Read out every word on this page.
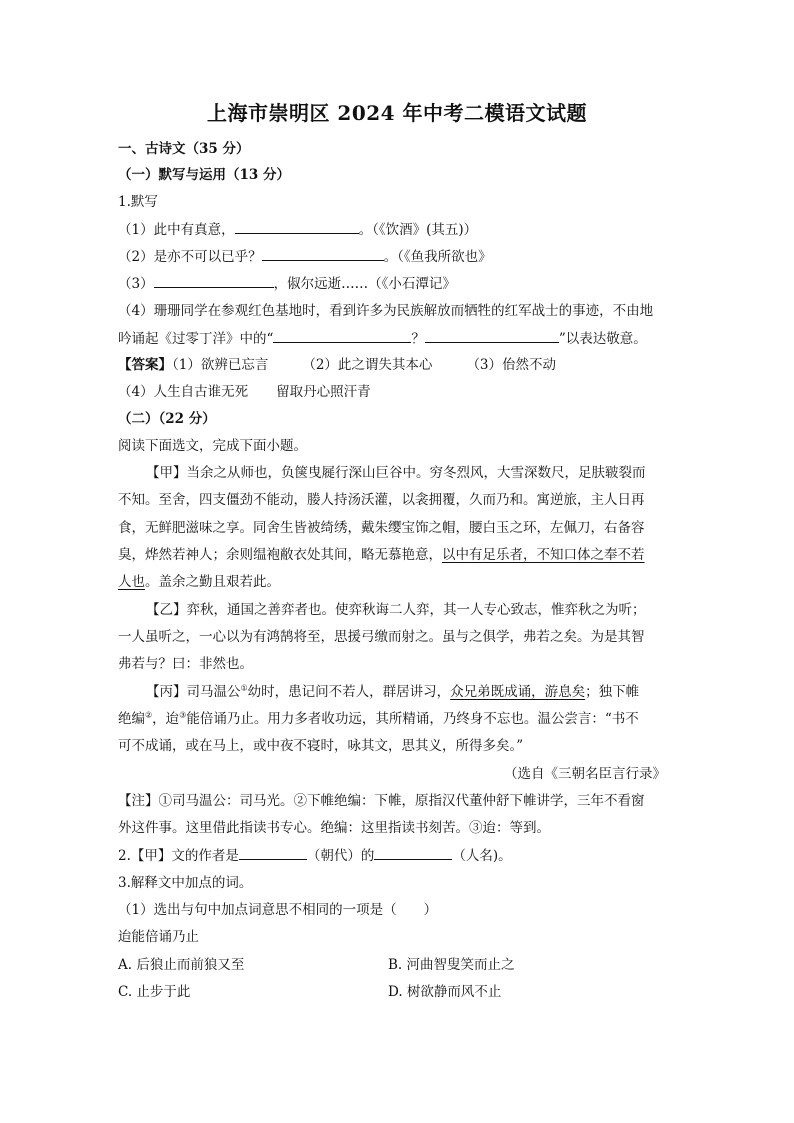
上海市崇明区 2024 年中考二模语文试题
一、古诗文（35 分）
（一）默写与运用（13 分）
1.默写
（1）此中有真意，	。（《饮酒》(其五)）
（2）是亦不可以已乎？	。（《鱼我所欲也》
（3）	，俶尔远逝……（《小石潭记》
（4）珊珊同学在参观红色基地时，看到许多为民族解放而牺牲的红军战士的事迹，不由地
吟诵起《过零丁洋》中的“	？	”以表达敬意。
【答案】（1）欲辨已忘言	（2）此之谓失其本心	（3）佁然不动
（4）人生自古谁无死 留取丹心照汗青
（二）（22 分）
阅读下面选文，完成下面小题。
【甲】当余之从师也，负箧曳屣行深山巨谷中。穷冬烈风，大雪深数尺，足肤皲裂而
不知。至舍，四支僵劲不能动，媵人持汤沃灌，以衾拥覆，久而乃和。寓逆旅，主人日再
食，无鲜肥滋味之享。同舍生皆被绮绣，戴朱缨宝饰之帽，腰白玉之环，左佩刀，右备容
臭，烨然若神人；余则缊袍敝衣处其间，略无慕艳意，以中有足乐者，不知口体之奉不若
人也。盖余之勤且艰若此。
【乙】弈秋，通国之善弈者也。使弈秋诲二人弈，其一人专心致志，惟弈秋之为听；
一人虽听之，一心以为有鸿鹄将至，思援弓缴而射之。虽与之俱学，弗若之矣。为是其智
弗若与？曰：非然也。
【丙】司马温公①幼时，患记问不若人，群居讲习，众兄弟既成诵，游息矣；独下帷
绝编②，迨③能倍诵乃止。用力多者收功远，其所精诵，乃终身不忘也。温公尝言：“书不
可不成诵，或在马上，或中夜不寝时，咏其文，思其义，所得多矣。”
（选自《三朝名臣言行录》
【注】①司马温公：司马光。②下帷绝编：下帷，原指汉代董仲舒下帷讲学，三年不看窗
外这件事。这里借此指读书专心。绝编：这里指读书刻苦。③迨：等到。
2.【甲】文的作者是	（朝代）的	（人名)。
3.解释文中加点的词。
（1）选出与句中加点词意思不相同的一项是（　　）
迨能倍诵乃止
A. 后狼止而前狼又至	B. 河曲智叟笑而止之
C. 止步于此	D. 树欲静而风不止
